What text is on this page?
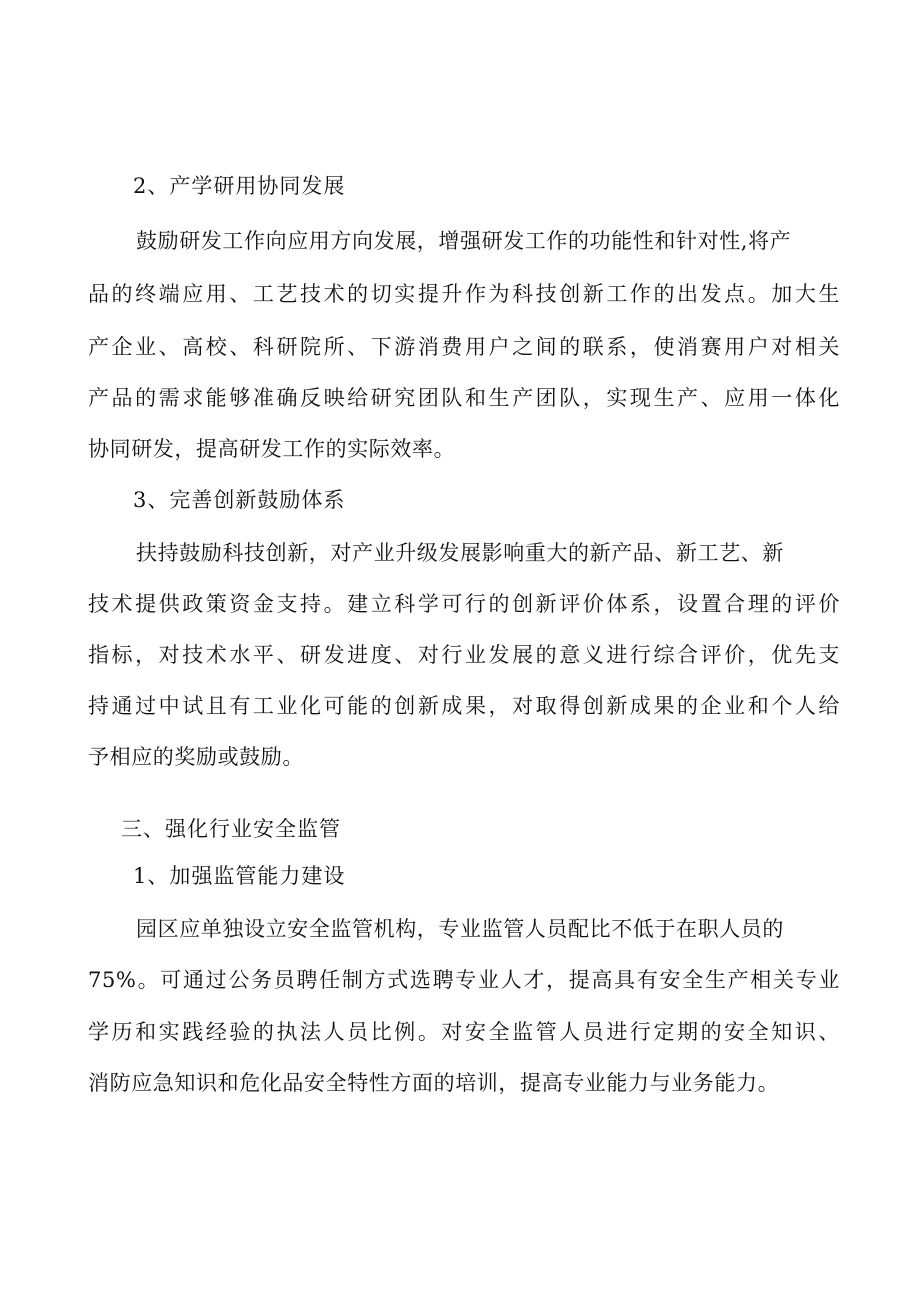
2、产学研用协同发展
鼓励研发工作向应用方向发展，增强研发工作的功能性和针对性,将产
品的终端应用、工艺技术的切实提升作为科技创新工作的出发点。加大生
产企业、高校、科研院所、下游消费用户之间的联系，使消赛用户对相关
产品的需求能够准确反映给研究团队和生产团队，实现生产、应用一体化
协同研发，提高研发工作的实际效率。
3、完善创新鼓励体系
扶持鼓励科技创新，对产业升级发展影响重大的新产品、新工艺、新
技术提供政策资金支持。建立科学可行的创新评价体系，设置合理的评价
指标，对技术水平、研发进度、对行业发展的意义进行综合评价，优先支
持通过中试且有工业化可能的创新成果，对取得创新成果的企业和个人给
予相应的奖励或鼓励。
三、强化行业安全监管
1、加强监管能力建设
园区应单独设立安全监管机构，专业监管人员配比不低于在职人员的
75%。可通过公务员聘任制方式选聘专业人才，提高具有安全生产相关专业
学历和实践经验的执法人员比例。对安全监管人员进行定期的安全知识、
消防应急知识和危化品安全特性方面的培训，提高专业能力与业务能力。
